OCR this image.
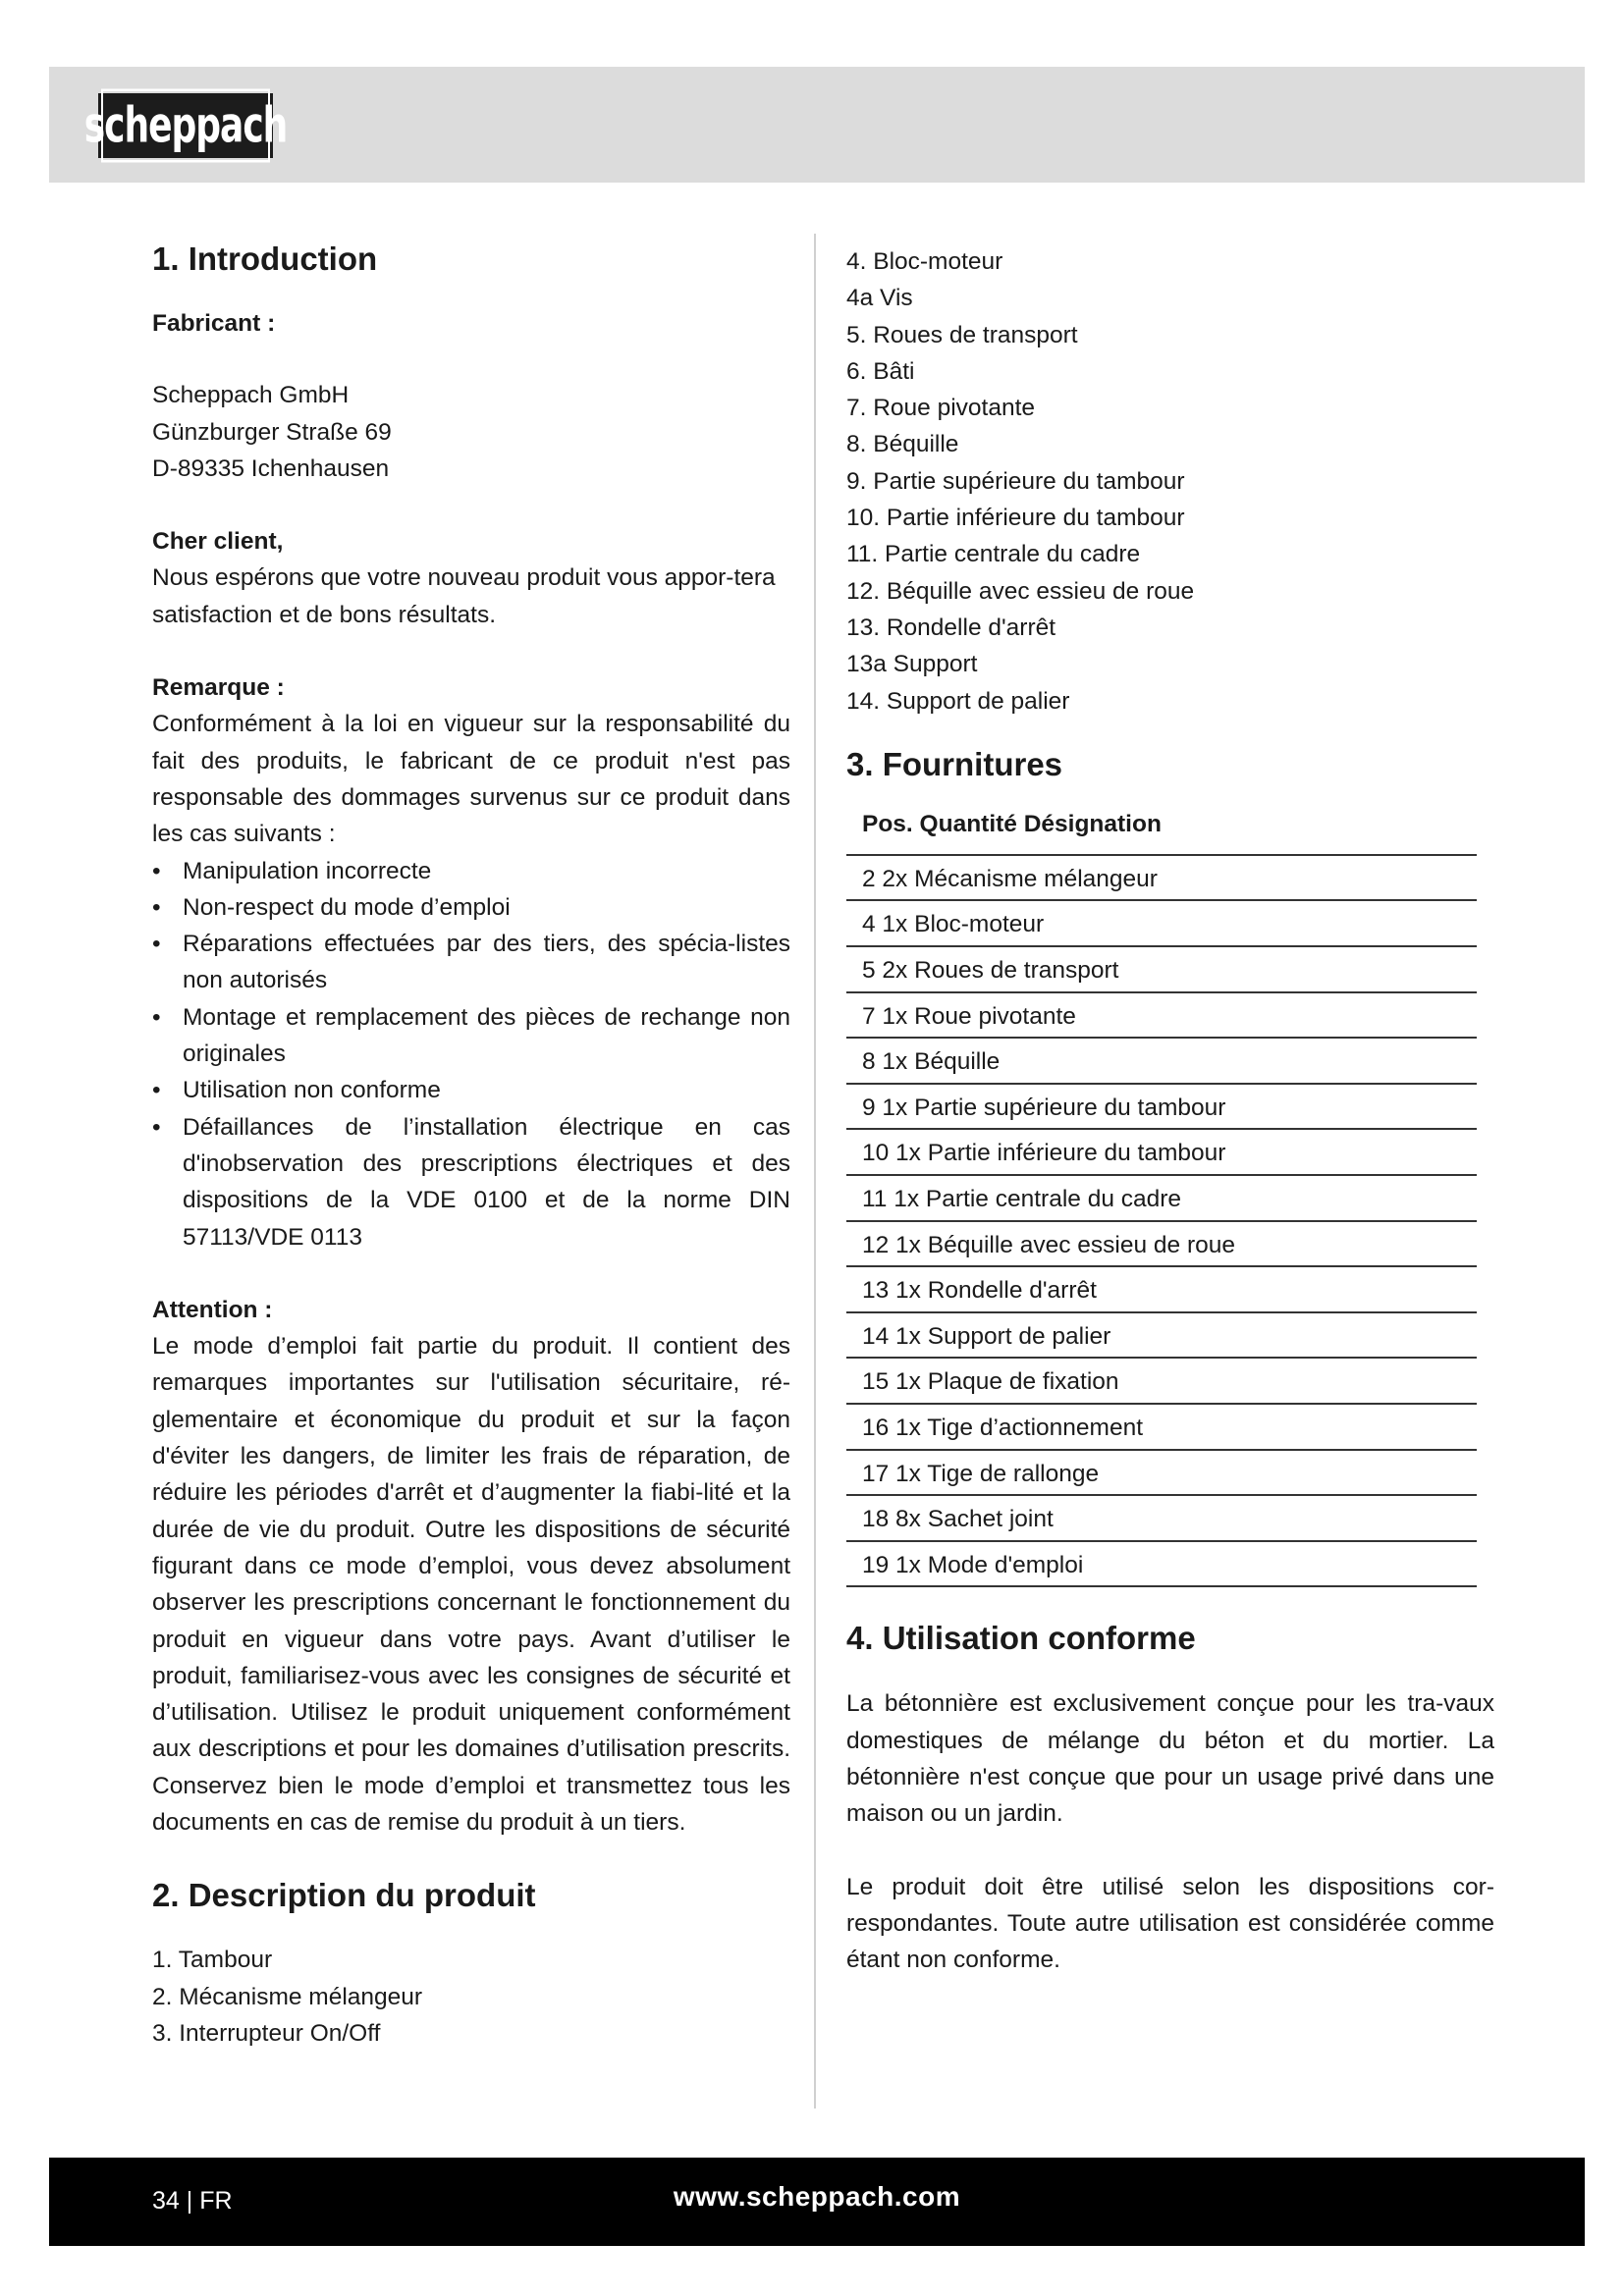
scheppach
1. Introduction

Fabricant :

Scheppach GmbH
Günzburger Straße 69
D-89335 Ichenhausen

Cher client,

Nous espérons que votre nouveau produit vous appor-tera satisfaction et de bons résultats.

Remarque :

Conformément à la loi en vigueur sur la responsabilité du fait des produits, le fabricant de ce produit n'est pas responsable des dommages survenus sur ce produit dans les cas suivants :

• Manipulation incorrecte
• Non-respect du mode d’emploi
• Réparations effectuées par des tiers, des spécia-listes non autorisés
• Montage et remplacement des pièces de rechange non originales
• Utilisation non conforme
• Défaillances de l’installation électrique en cas d'inobservation des prescriptions électriques et des dispositions de la VDE 0100 et de la norme DIN 57113/VDE 0113

Attention :

Le mode d’emploi fait partie du produit. Il contient des remarques importantes sur l'utilisation sécuritaire, ré-glementaire et économique du produit et sur la façon d'éviter les dangers, de limiter les frais de réparation, de réduire les périodes d'arrêt et d’augmenter la fiabi-lité et la durée de vie du produit. Outre les dispositions de sécurité figurant dans ce mode d’emploi, vous devez absolument observer les prescriptions concernant le fonctionnement du produit en vigueur dans votre pays. Avant d’utiliser le produit, familiarisez-vous avec les consignes de sécurité et d’utilisation. Utilisez le produit uniquement conformément aux descriptions et pour les domaines d’utilisation prescrits. Conservez bien le mode d’emploi et transmettez tous les documents en cas de remise du produit à un tiers.

2. Description du produit
1. Tambour
2. Mécanisme mélangeur
3. Interrupteur On/Off
4. Bloc-moteur
4a Vis
5. Roues de transport
6. Bâti
7. Roue pivotante
8. Béquille
9. Partie supérieure du tambour
10. Partie inférieure du tambour
11. Partie centrale du cadre
12. Béquille avec essieu de roue
13. Rondelle d'arrêt
13a Support
14. Support de palier
3. Fournitures
Pos. Quantité Désignation
2 2x Mécanisme mélangeur
4 1x Bloc-moteur
5 2x Roues de transport
7 1x Roue pivotante
8 1x Béquille
9 1x Partie supérieure du tambour
10 1x Partie inférieure du tambour
11 1x Partie centrale du cadre
12 1x Béquille avec essieu de roue
13 1x Rondelle d'arrêt
14 1x Support de palier
15 1x Plaque de fixation
16 1x Tige d’actionnement
17 1x Tige de rallonge
18 8x Sachet joint
19 1x Mode d'emploi
4. Utilisation conforme

La bétonnière est exclusivement conçue pour les tra-vaux domestiques de mélange du béton et du mortier. La bétonnière n'est conçue que pour un usage privé dans une maison ou un jardin.

Le produit doit être utilisé selon les dispositions cor-respondantes. Toute autre utilisation est considérée comme étant non conforme.

34 | FR	www.scheppach.com
